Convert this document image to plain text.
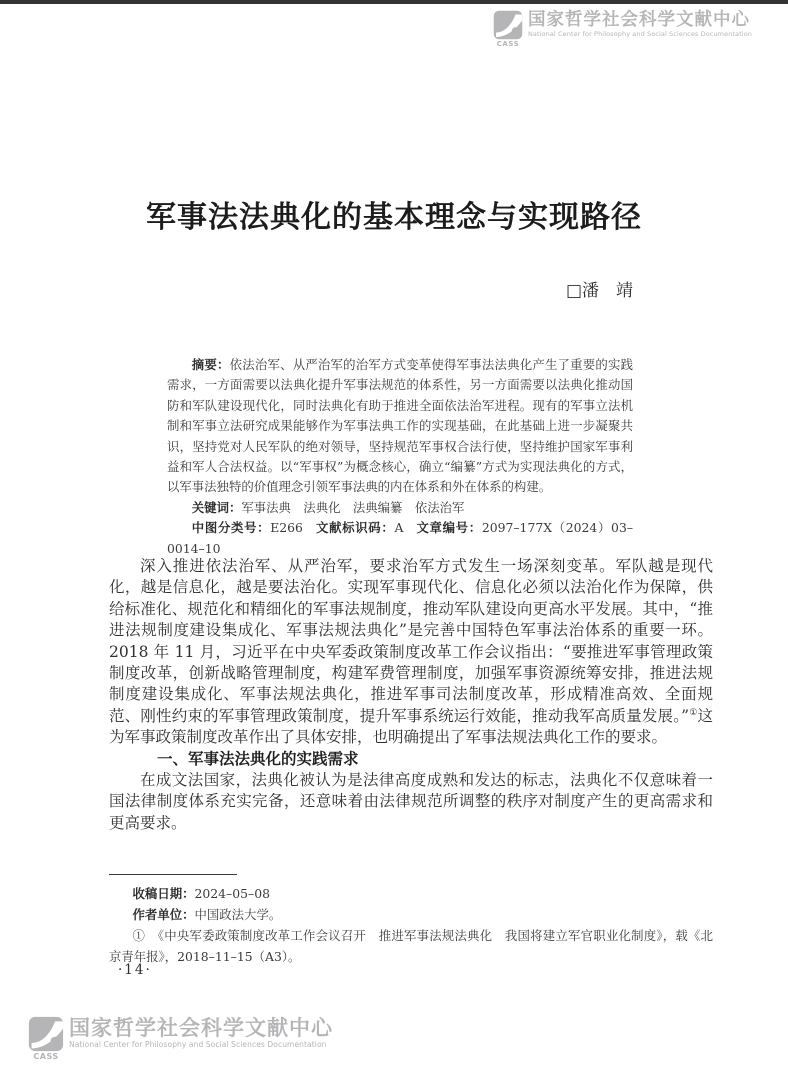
CASS
国家哲学社会科学文献中心
National Center for Philosophy and Social Sciences Documentation
军事法法典化的基本理念与实现路径
□潘　靖

摘要：依法治军、从严治军的治军方式变革使得军事法法典化产生了重要的实践需求，一方面需要以法典化提升军事法规范的体系性，另一方面需要以法典化推动国防和军队建设现代化，同时法典化有助于推进全面依法治军进程。现有的军事立法机制和军事立法研究成果能够作为军事法典工作的实现基础，在此基础上进一步凝聚共识，坚持党对人民军队的绝对领导，坚持规范军事权合法行使，坚持维护国家军事利益和军人合法权益。以“军事权”为概念核心，确立“编纂”方式为实现法典化的方式，以军事法独特的价值理念引领军事法典的内在体系和外在体系的构建。

关键词：军事法典　法典化　法典编纂　依法治军

中图分类号：E266 文献标识码：A 文章编号：2097–177X（2024）03–0014–10

深入推进依法治军、从严治军，要求治军方式发生一场深刻变革。军队越是现代化，越是信息化，越是要法治化。实现军事现代化、信息化必须以法治化作为保障，供给标准化、规范化和精细化的军事法规制度，推动军队建设向更高水平发展。其中，“推进法规制度建设集成化、军事法规法典化”是完善中国特色军事法治体系的重要一环。2018 年 11 月，习近平在中央军委政策制度改革工作会议指出：“要推进军事管理政策制度改革，创新战略管理制度，构建军费管理制度，加强军事资源统筹安排，推进法规制度建设集成化、军事法规法典化，推进军事司法制度改革，形成精准高效、全面规范、刚性约束的军事管理政策制度，提升军事系统运行效能，推动我军高质量发展。”①这为军事政策制度改革作出了具体安排，也明确提出了军事法规法典化工作的要求。

一、军事法法典化的实践需求

在成文法国家，法典化被认为是法律高度成熟和发达的标志，法典化不仅意味着一国法律制度体系充实完备，还意味着由法律规范所调整的秩序对制度产生的更高需求和更高要求。

收稿日期：2024–05–08

作者单位：中国政法大学。

①　 《中央军委政策制度改革工作会议召开　推进军事法规法典化　我国将建立军官职业化制度》，载《北京青年报》，2018–11–15（A3）。

·14·
CASS
国家哲学社会科学文献中心
National Center for Philosophy and Social Sciences Documentation
